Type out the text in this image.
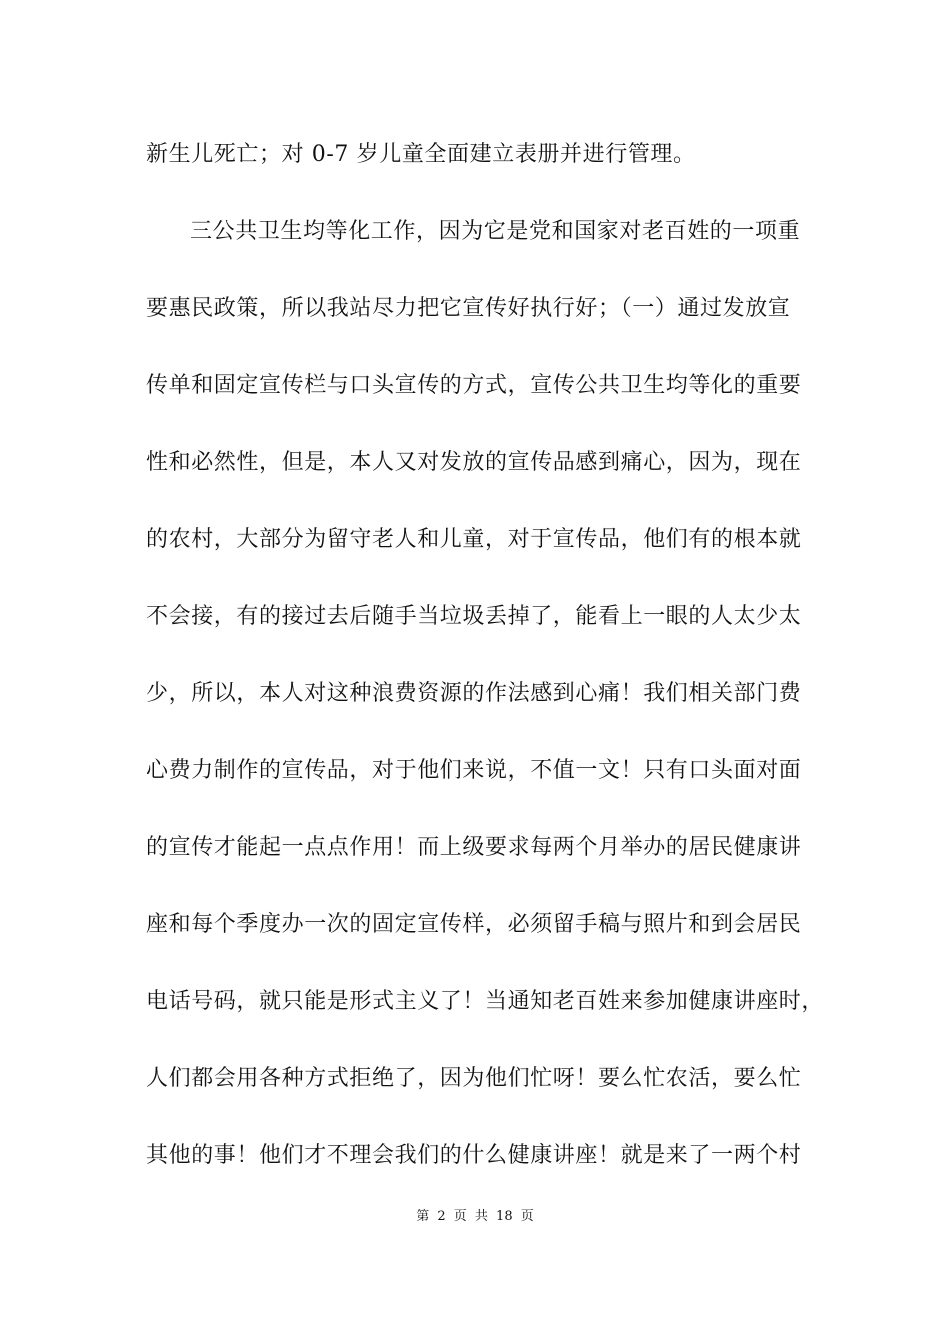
新生儿死亡；对 0-7 岁儿童全面建立表册并进行管理。
三公共卫生均等化工作，因为它是党和国家对老百姓的一项重
要惠民政策，所以我站尽力把它宣传好执行好；（一）通过发放宣
传单和固定宣传栏与口头宣传的方式，宣传公共卫生均等化的重要
性和必然性，但是，本人又对发放的宣传品感到痛心，因为，现在
的农村，大部分为留守老人和儿童，对于宣传品，他们有的根本就
不会接，有的接过去后随手当垃圾丢掉了，能看上一眼的人太少太
少，所以，本人对这种浪费资源的作法感到心痛！我们相关部门费
心费力制作的宣传品，对于他们来说，不值一文！只有口头面对面
的宣传才能起一点点作用！而上级要求每两个月举办的居民健康讲
座和每个季度办一次的固定宣传样，必须留手稿与照片和到会居民
电话号码，就只能是形式主义了！当通知老百姓来参加健康讲座时，
人们都会用各种方式拒绝了，因为他们忙呀！要么忙农活，要么忙
其他的事！他们才不理会我们的什么健康讲座！就是来了一两个村
第 2 页 共 18 页
